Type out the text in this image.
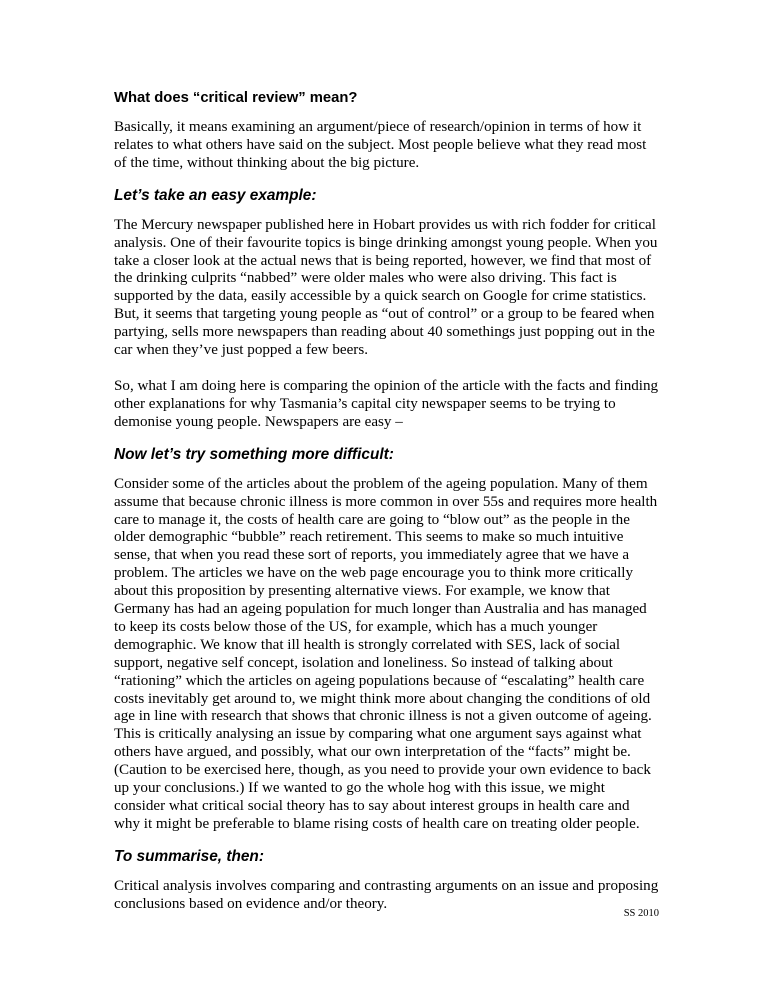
What does “critical review” mean?

Basically, it means examining an argument/piece of research/opinion in terms of how it relates to what others have said on the subject. Most people believe what they read most of the time, without thinking about the big picture.

Let’s take an easy example:

The Mercury newspaper published here in Hobart provides us with rich fodder for critical analysis. One of their favourite topics is binge drinking amongst young people. When you take a closer look at the actual news that is being reported, however, we find that most of the drinking culprits “nabbed” were older males who were also driving. This fact is supported by the data, easily accessible by a quick search on Google for crime statistics. But, it seems that targeting young people as “out of control” or a group to be feared when partying, sells more newspapers than reading about 40 somethings just popping out in the car when they’ve just popped a few beers.

So, what I am doing here is comparing the opinion of the article with the facts and finding other explanations for why Tasmania’s capital city newspaper seems to be trying to demonise young people. Newspapers are easy –

Now let’s try something more difficult:

Consider some of the articles about the problem of the ageing population. Many of them assume that because chronic illness is more common in over 55s and requires more health care to manage it, the costs of health care are going to “blow out” as the people in the older demographic “bubble” reach retirement. This seems to make so much intuitive sense, that when you read these sort of reports, you immediately agree that we have a problem. The articles we have on the web page encourage you to think more critically about this proposition by presenting alternative views. For example, we know that Germany has had an ageing population for much longer than Australia and has managed to keep its costs below those of the US, for example, which has a much younger demographic. We know that ill health is strongly correlated with SES, lack of social support, negative self concept, isolation and loneliness. So instead of talking about “rationing” which the articles on ageing populations because of “escalating” health care costs inevitably get around to, we might think more about changing the conditions of old age in line with research that shows that chronic illness is not a given outcome of ageing. This is critically analysing an issue by comparing what one argument says against what others have argued, and possibly, what our own interpretation of the “facts” might be. (Caution to be exercised here, though, as you need to provide your own evidence to back up your conclusions.) If we wanted to go the whole hog with this issue, we might consider what critical social theory has to say about interest groups in health care and why it might be preferable to blame rising costs of health care on treating older people.

To summarise, then:

Critical analysis involves comparing and contrasting arguments on an issue and proposing conclusions based on evidence and/or theory.

SS 2010
